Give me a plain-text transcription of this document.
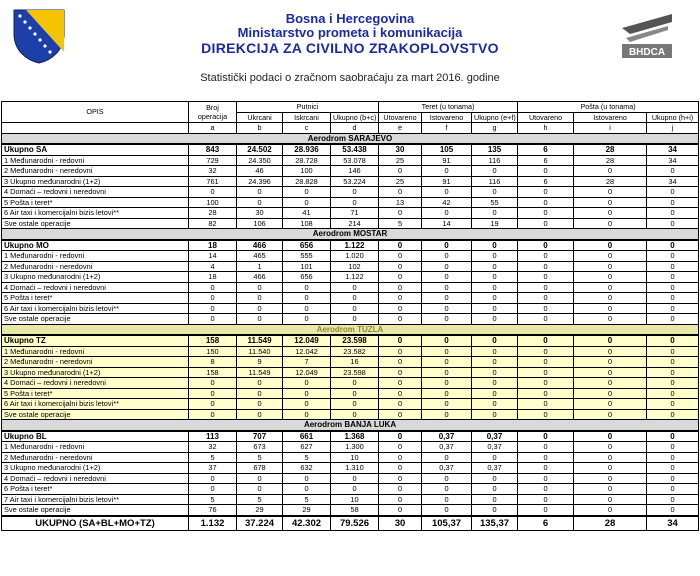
Bosna i Hercegovina
Ministarstvo prometa i komunikacija
DIREKCIJA ZA CIVILNO ZRAKOPLOVSTVO	BHDCA
Statistički podaci o zračnom saobraćaju za mart 2016. godine
OPIS	Broj operacija	Putnici			Teret (u tonama)			Pošta (u tonama)		
		Ukrcani	Iskrcani	Ukupno (b+c)	Utovareno	Istovareno	Ukupno (e+f)	Utovareno	Istovareno	Ukupno (h+i)
	a	b	c	d	e	f	g	h	i	j
Aerodrom SARAJEVO										
Ukupno SA	843	24.502	28.936	53.438	30	105	135	6	28	34
1 Međunarodni - redovni	729	24.350	28.728	53.078	25	91	116	6	28	34
2 Međunarodni - neredovni	32	46	100	146	0	0	0	0	0	0
3 Ukupno međunarodni (1+2)	761	24.396	28.828	53.224	25	91	116	6	28	34
4 Domaći – redovni i neredovni	0	0	0	0	0	0	0	0	0	0
5 Pošta i teret*	100	0	0	0	13	42	55	0	0	0
6 Air taxi i komercijalni bizis letovi**	28	30	41	71	0	0	0	0	0	0
Sve ostale operacije	82	106	108	214	5	14	19	0	0	0
Aerodrom MOSTAR										
Ukupno MO	18	466	656	1.122	0	0	0	0	0	0
1 Međunarodni - redovni	14	465	555	1.020	0	0	0	0	0	0
2 Međunarodni - neredovni	4	1	101	102	0	0	0	0	0	0
3 Ukupno međunarodni (1+2)	18	466	656	1.122	0	0	0	0	0	0
4 Domaći – redovni i neredovni	0	0	0	0	0	0	0	0	0	0
5 Pošta i teret*	0	0	0	0	0	0	0	0	0	0
6 Air taxi i komercijalni bizis letovi**	0	0	0	0	0	0	0	0	0	0
Sve ostale operacije	0	0	0	0	0	0	0	0	0	0
Aerodrom TUZLA										
Ukupno TZ	158	11.549	12.049	23.598	0	0	0	0	0	0
1 Međunarodni - redovni	150	11.540	12.042	23.582	0	0	0	0	0	0
2 Međunarodni - neredovni	8	9	7	16	0	0	0	0	0	0
3 Ukupno međunarodni (1+2)	158	11.549	12.049	23.598	0	0	0	0	0	0
4 Domaći – redovni i neredovni	0	0	0	0	0	0	0	0	0	0
5 Pošta i teret*	0	0	0	0	0	0	0	0	0	0
6 Air taxi i komercijalni bizis letovi**	0	0	0	0	0	0	0	0	0	0
Sve ostale operacije	0	0	0	0	0	0	0	0	0	0
Aerodrom BANJA LUKA										
Ukupno BL	113	707	661	1.368	0	0,37	0,37	0	0	0
1 Međunarodni - redovni	32	673	627	1.300	0	0,37	0,37	0	0	0
2 Međunarodni - neredovni	5	5	5	10	0	0	0	0	0	0
3 Ukupno međunarodni (1+2)	37	678	632	1.310	0	0,37	0,37	0	0	0
4 Domaći – redovni i neredovni	0	0	0	0	0	0	0	0	0	0
6 Pošta i teret*	0	0	0	0	0	0	0	0	0	0
7 Air taxi i komercijalni bizis letovi**	5	5	5	10	0	0	0	0	0	0
Sve ostale operacije	76	29	29	58	0	0	0	0	0	0
UKUPNO (SA+BL+MO+TZ)	1.132	37.224	42.302	79.526	30	105,37	135,37	6	28	34
